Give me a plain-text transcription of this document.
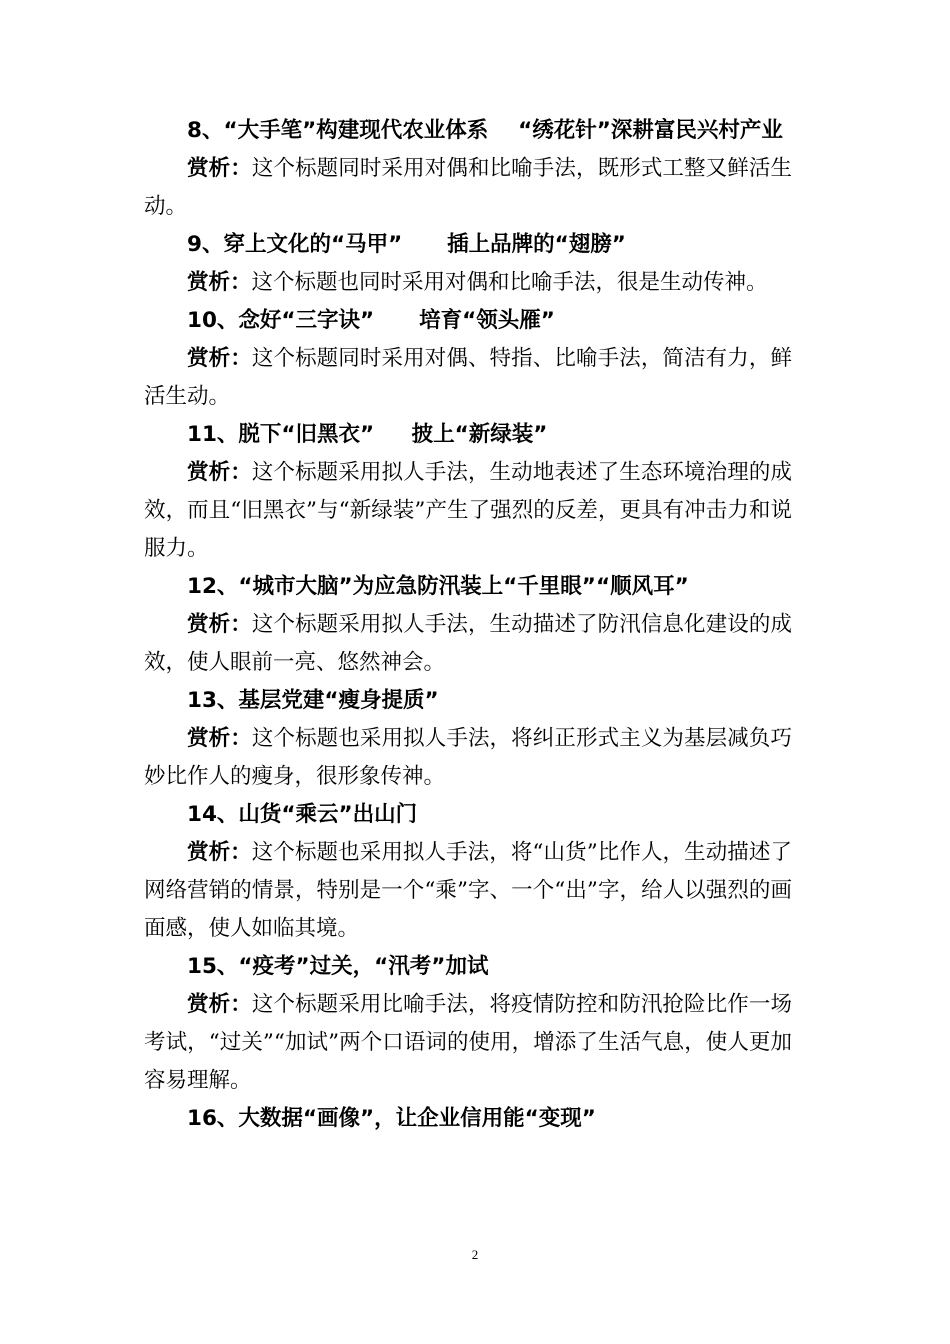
8、“大手笔”构建现代农业体系    “绣花针”深耕富民兴村产业

赏析：这个标题同时采用对偶和比喻手法，既形式工整又鲜活生动。

9、穿上文化的“马甲”      插上品牌的“翅膀”

赏析：这个标题也同时采用对偶和比喻手法，很是生动传神。

10、念好“三字诀”      培育“领头雁”

赏析：这个标题同时采用对偶、特指、比喻手法，简洁有力，鲜活生动。

11、脱下“旧黑衣”     披上“新绿装”

赏析：这个标题采用拟人手法，生动地表述了生态环境治理的成效，而且“旧黑衣”与“新绿装”产生了强烈的反差，更具有冲击力和说服力。

12、“城市大脑”为应急防汛装上“千里眼”“顺风耳”

赏析：这个标题采用拟人手法，生动描述了防汛信息化建设的成效，使人眼前一亮、悠然神会。

13、基层党建“瘦身提质”

赏析：这个标题也采用拟人手法，将纠正形式主义为基层减负巧妙比作人的瘦身，很形象传神。

14、山货“乘云”出山门

赏析：这个标题也采用拟人手法，将“山货”比作人，生动描述了网络营销的情景，特别是一个“乘”字、一个“出”字，给人以强烈的画面感，使人如临其境。

15、“疫考”过关，“汛考”加试

赏析：这个标题采用比喻手法，将疫情防控和防汛抢险比作一场考试，“过关”“加试”两个口语词的使用，增添了生活气息，使人更加容易理解。

16、大数据“画像”，让企业信用能“变现”

2
